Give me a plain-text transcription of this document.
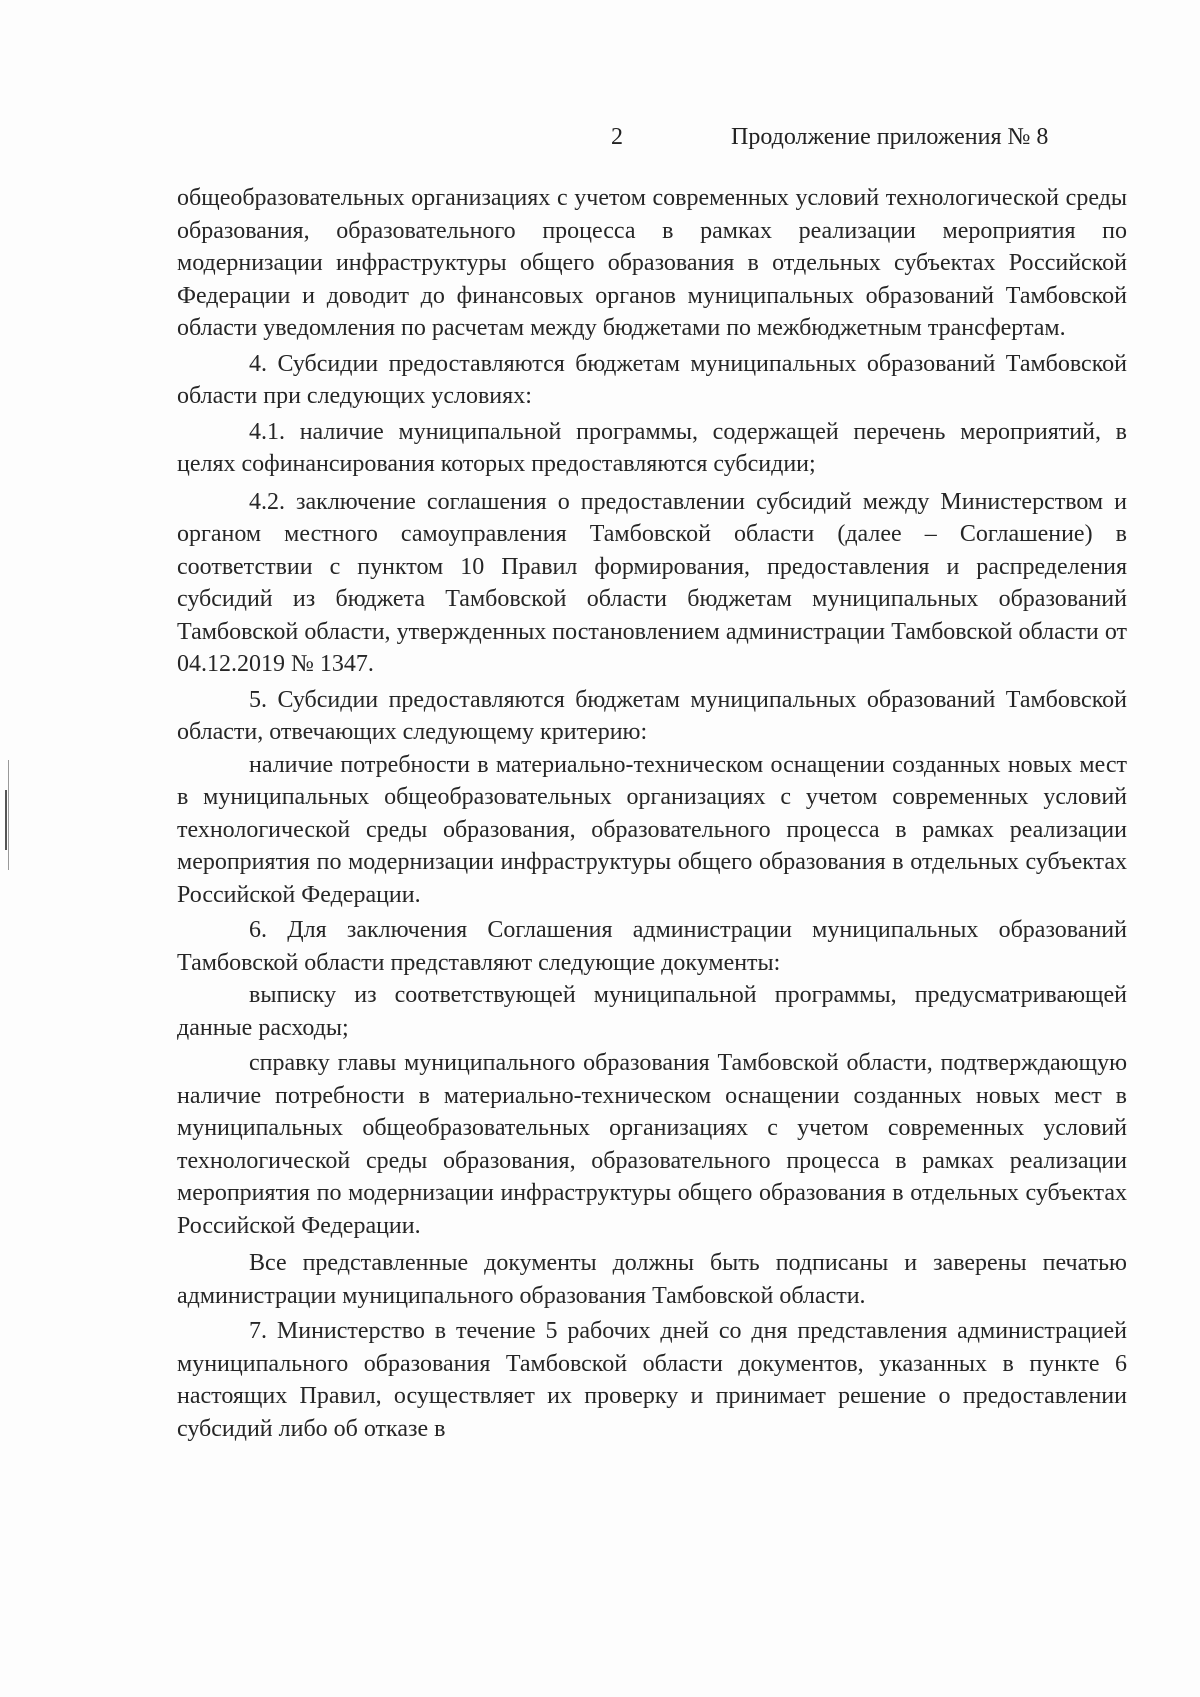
2	Продолжение приложения № 8

общеобразовательных организациях с учетом современных условий технологической среды образования, образовательного процесса в рамках реализации мероприятия по модернизации инфраструктуры общего образования в отдельных субъектах Российской Федерации и доводит до финансовых органов муниципальных образований Тамбовской области уведомления по расчетам между бюджетами по межбюджетным трансфертам.

4. Субсидии предоставляются бюджетам муниципальных образований Тамбовской области при следующих условиях:

4.1. наличие муниципальной программы, содержащей перечень мероприятий, в целях софинансирования которых предоставляются субсидии;

4.2. заключение соглашения о предоставлении субсидий между Министерством и органом местного самоуправления Тамбовской области (далее – Соглашение) в соответствии с пунктом 10 Правил формирования, предоставления и распределения субсидий из бюджета Тамбовской области бюджетам муниципальных образований Тамбовской области, утвержденных постановлением администрации Тамбовской области от 04.12.2019 № 1347.

5. Субсидии предоставляются бюджетам муниципальных образований Тамбовской области, отвечающих следующему критерию:

наличие потребности в материально-техническом оснащении созданных новых мест в муниципальных общеобразовательных организациях с учетом современных условий технологической среды образования, образовательного процесса в рамках реализации мероприятия по модернизации инфраструктуры общего образования в отдельных субъектах Российской Федерации.

6. Для заключения Соглашения администрации муниципальных образований Тамбовской области представляют следующие документы:

выписку из соответствующей муниципальной программы, предусматривающей данные расходы;

справку главы муниципального образования Тамбовской области, подтверждающую наличие потребности в материально-техническом оснащении созданных новых мест в муниципальных общеобразовательных организациях с учетом современных условий технологической среды образования, образовательного процесса в рамках реализации мероприятия по модернизации инфраструктуры общего образования в отдельных субъектах Российской Федерации.

Все представленные документы должны быть подписаны и заверены печатью администрации муниципального образования Тамбовской области.

7. Министерство в течение 5 рабочих дней со дня представления администрацией муниципального образования Тамбовской области документов, указанных в пункте 6 настоящих Правил, осуществляет их проверку и принимает решение о предоставлении субсидий либо об отказе в
